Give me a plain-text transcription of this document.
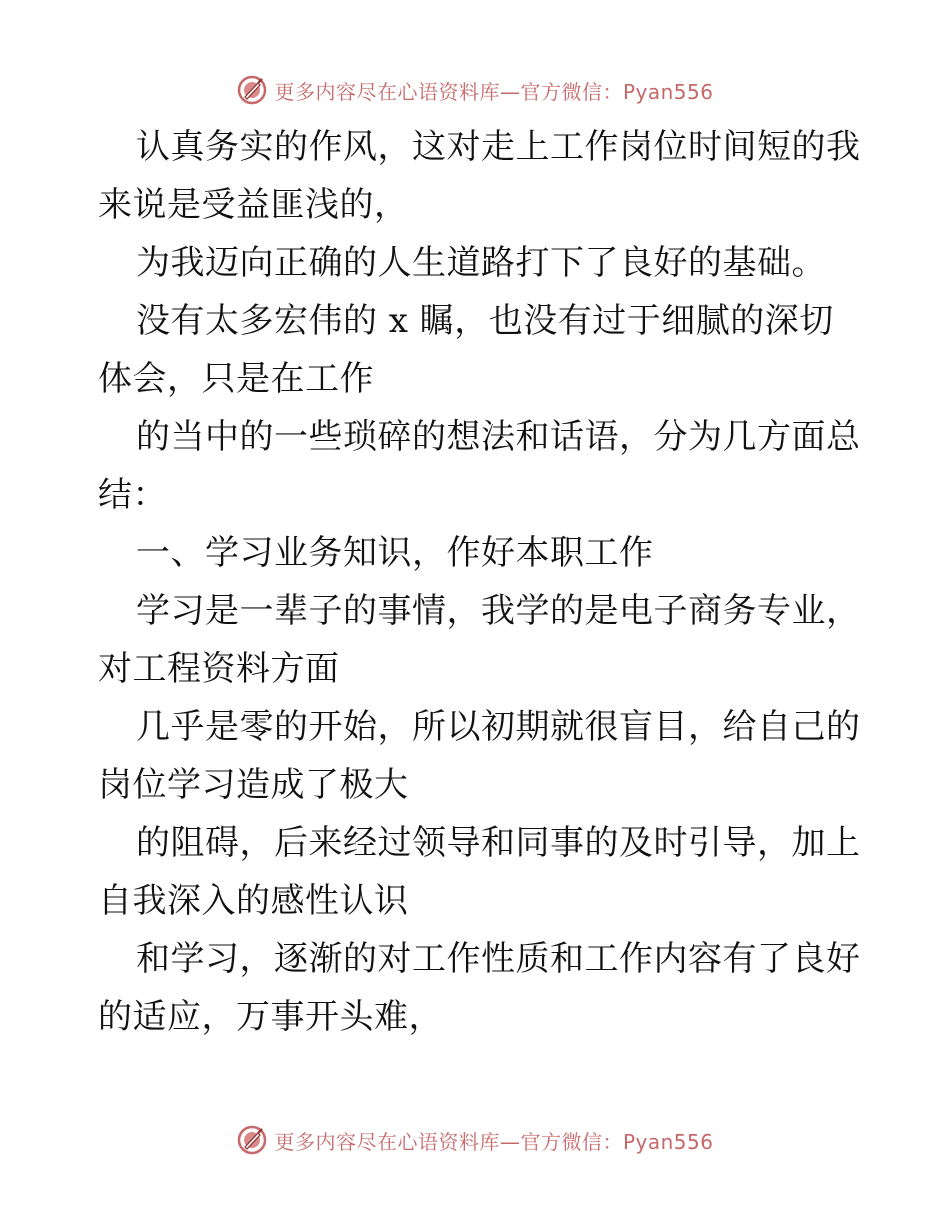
更多内容尽在心语资料库—官方微信：Pyan556

认真务实的作风，这对走上工作岗位时间短的我
来说是受益匪浅的，

为我迈向正确的人生道路打下了良好的基础。

没有太多宏伟的 x 瞩，也没有过于细腻的深切
体会，只是在工作

的当中的一些琐碎的想法和话语，分为几方面总
结：

一、学习业务知识，作好本职工作

学习是一辈子的事情，我学的是电子商务专业，
对工程资料方面

几乎是零的开始，所以初期就很盲目，给自己的
岗位学习造成了极大

的阻碍，后来经过领导和同事的及时引导，加上
自我深入的感性认识

和学习，逐渐的对工作性质和工作内容有了良好
的适应，万事开头难，

更多内容尽在心语资料库—官方微信：Pyan556
